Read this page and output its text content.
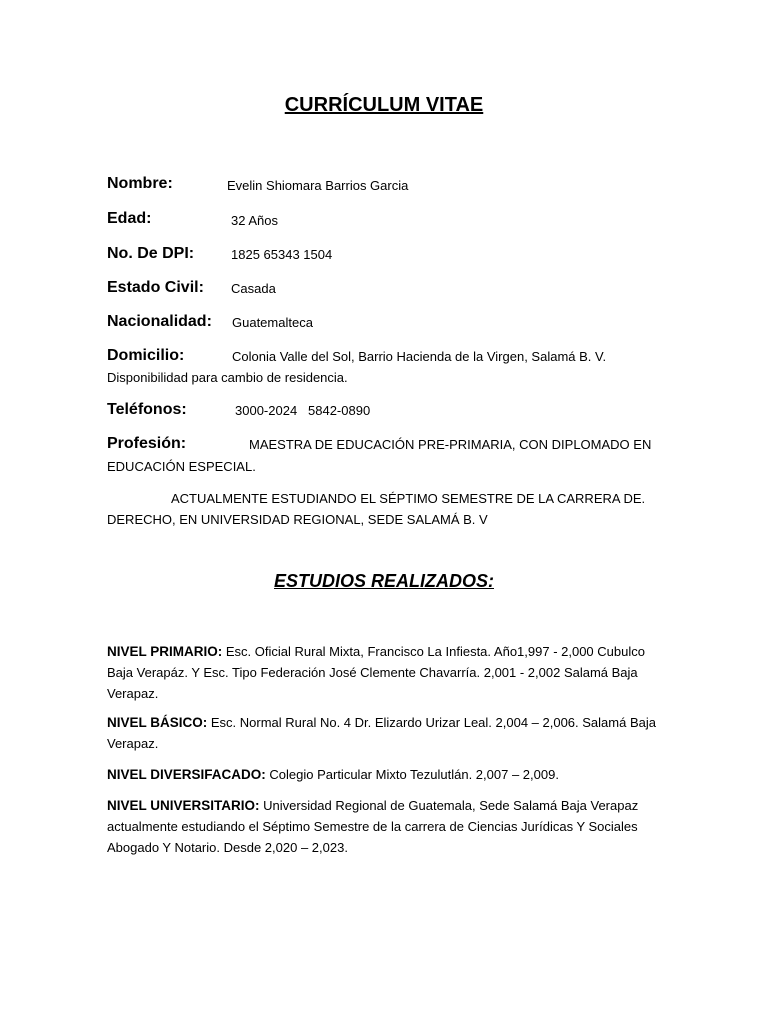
CURRÍCULUM VITAE
Nombre:	Evelin Shiomara Barrios Garcia
Edad:	32 Años
No. De DPI:	1825 65343 1504
Estado Civil: Casada
Nacionalidad: Guatemalteca
Domicilio:	Colonia Valle del Sol, Barrio Hacienda de la Virgen, Salamá B. V.
Disponibilidad para cambio de residencia.
Teléfonos:	3000-2024   5842-0890
Profesión:	MAESTRA DE EDUCACIÓN PRE-PRIMARIA, CON DIPLOMADO EN
EDUCACIÓN ESPECIAL.
ACTUALMENTE ESTUDIANDO EL SÉPTIMO SEMESTRE DE LA CARRERA DE. DERECHO, EN UNIVERSIDAD REGIONAL, SEDE SALAMÁ B. V
ESTUDIOS REALIZADOS:
NIVEL PRIMARIO: Esc. Oficial Rural Mixta, Francisco La Infiesta. Año1,997 - 2,000 Cubulco Baja Verapáz. Y Esc. Tipo Federación José Clemente Chavarría. 2,001 - 2,002 Salamá Baja Verapaz.
NIVEL BÁSICO: Esc. Normal Rural No. 4 Dr. Elizardo Urizar Leal. 2,004 – 2,006. Salamá Baja Verapaz.
NIVEL DIVERSIFACADO: Colegio Particular Mixto Tezulutlán. 2,007 – 2,009.
NIVEL UNIVERSITARIO: Universidad Regional de Guatemala, Sede Salamá Baja Verapaz actualmente estudiando el Séptimo Semestre de la carrera de Ciencias Jurídicas Y Sociales Abogado Y Notario. Desde 2,020 – 2,023.
